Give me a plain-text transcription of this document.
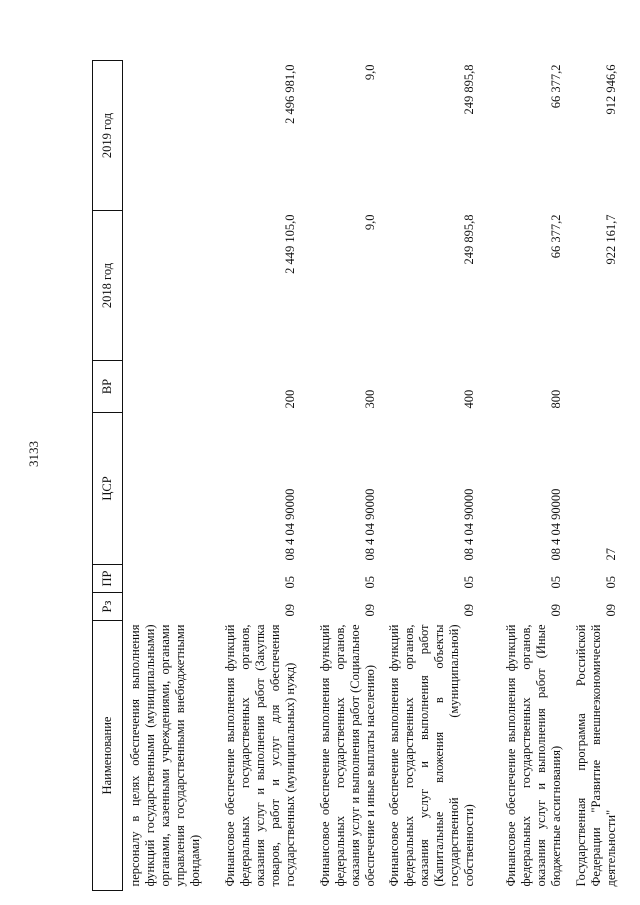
3133
Наименование	Рз	ПР	ЦСР	ВР	2018 год	2019 год
персоналу в целях обеспечения выполнения функций государственными (муниципальными) органами, казенными учреждениями, органами управления государственными внебюджетными фондами)						
Финансовое обеспечение выполнения функций федеральных государственных органов, оказания услуг и выполнения работ (Закупка товаров, работ и услуг для обеспечения государственных (муниципальных) нужд)	09	05	08 4 04 90000	200	2 449 105,0	2 496 981,0
Финансовое обеспечение выполнения функций федеральных государственных органов, оказания услуг и выполнения работ (Социальное обеспечение и иные выплаты населению)	09	05	08 4 04 90000	300	9,0	9,0
Финансовое обеспечение выполнения функций федеральных государственных органов, оказания услуг и выполнения работ (Капитальные вложения в объекты государственной (муниципальной) собственности)	09	05	08 4 04 90000	400	249 895,8	249 895,8
Финансовое обеспечение выполнения функций федеральных государственных органов, оказания услуг и выполнения работ (Иные бюджетные ассигнования)	09	05	08 4 04 90000	800	66 377,2	66 377,2
Государственная программа Российской Федерации "Развитие внешнеэкономической деятельности"	09	05	27		922 161,7	912 946,6
